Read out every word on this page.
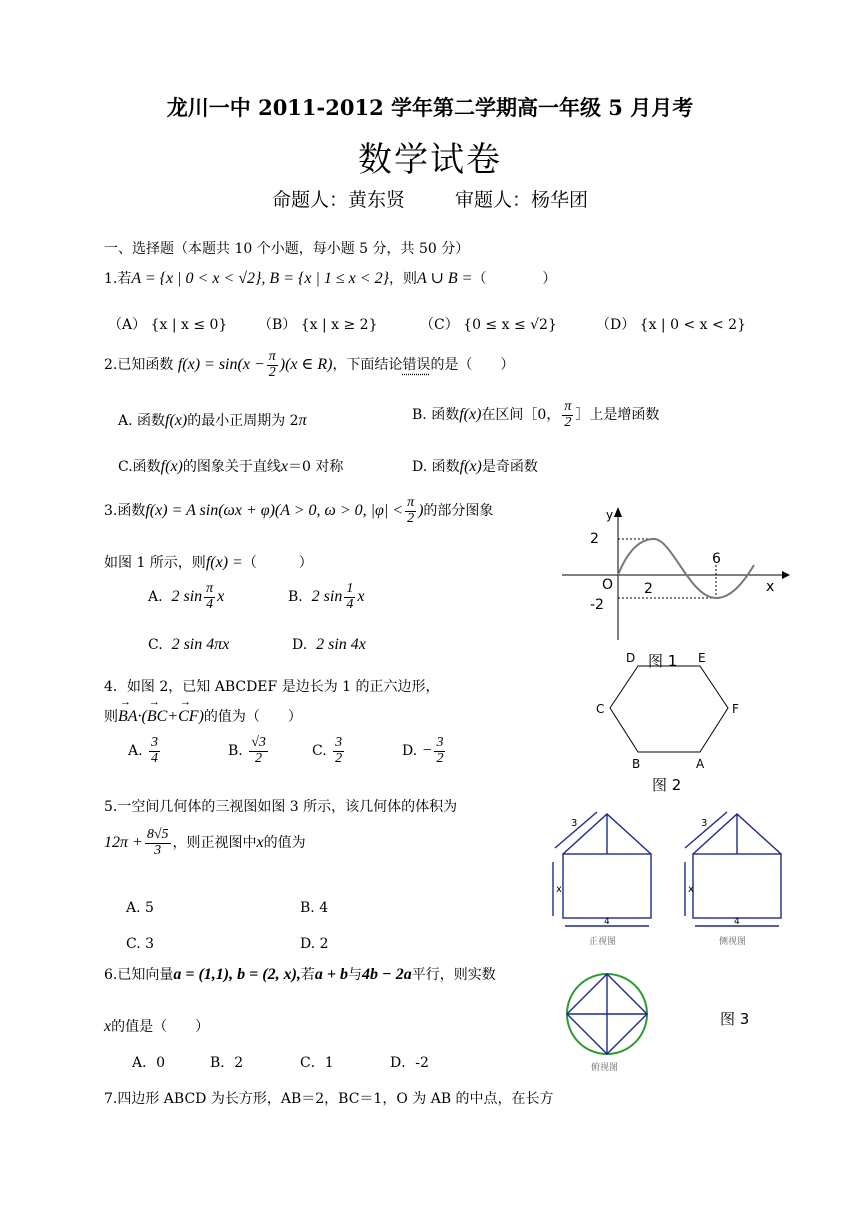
龙川一中 2011-2012 学年第二学期高一年级 5 月月考
数学试卷
命题人：黄东贤	审题人：杨华团
一、选择题（本题共 10 个小题，每小题 5 分，共 50 分）
1.若A = {x | 0 < x < √2}, B = {x | 1 ≤ x < 2}，则A ∪ B =（　　　　）
（A） {x | x ≤ 0} （B） {x | x ≥ 2}	（C） {0 ≤ x ≤ √2}	（D） {x | 0 < x < 2}
2.已知函数 $f(x) = \sin(x - \frac{\pi}{2} )(x$ ∈ R)，下面结论错误的是（　　）
A. 函数f(x)的最小正周期为 2π	B. 函数f(x)在区间［0， $\frac{\pi}{2}$ ］上是增函数
C.函数f(x)的图象关于直线x＝0 对称	D. 函数f(x)是奇函数
3.函数f(x) = A sin(ωx + φ)(A > 0, ω > 0, $|\varphi| < \frac{\pi}{2}$ )的部分图象
如图 1 所示，则f(x) =（　　　）
A. 2 $\sin \frac{\pi}{4}$ x	B. 2 $\sin \frac{1}{4}$ x
C. 2 sin 4πx	D. 2 sin 4x
4．如图 2，已知 ABCDEF 是边长为 1 的正六边形，
则→ BA·(→ BC+→ CF)的值为（　　）
A. $\frac{3}{4}$	B. $\frac{√3}{2}$	C. $\frac{3}{2}$	D. − $\frac{3}{2}$
5.一空间几何体的三视图如图 3 所示，该几何体的体积为
$12\pi + \frac{8√5}{3}$ ，则正视图中x的值为
A. 5	B. 4
C. 3	D. 2
6.已知向量a = (1,1), b = (2, x),若a + b与4b − 2a平行，则实数
x的值是（　　）
A．0	B．2	C．1	D．-2
7.四边形 ABCD 为长方形，AB＝2，BC＝1，O 为 AB 的中点，在长方
y
x
O
2
-2
2
6
图 1
A
B
C
D	E
F
图 2
3	3
x	x
4	4
正视图	侧视图
俯视图
图 3
